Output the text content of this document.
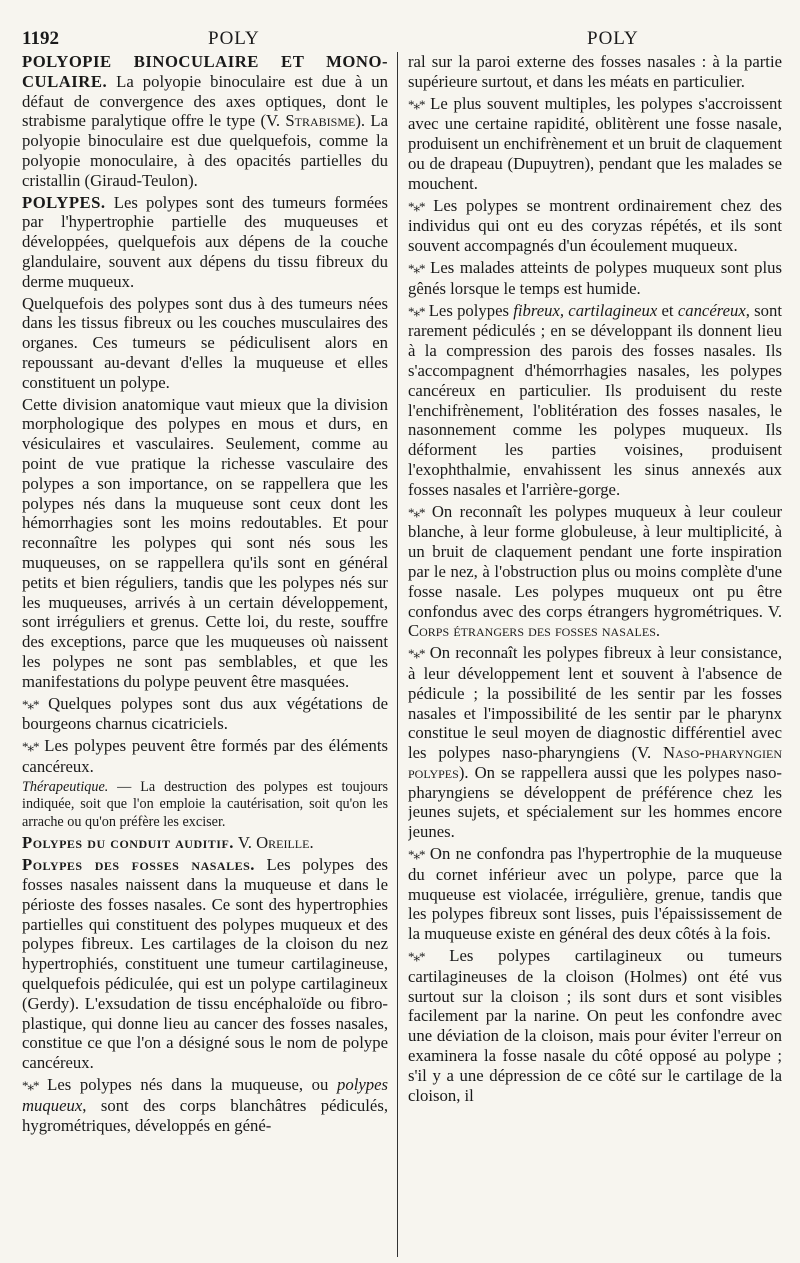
1192	POLY	POLY

POLYOPIE BINOCULAIRE ET MONO-CULAIRE. La polyopie binoculaire est due à un défaut de convergence des axes optiques, dont le strabisme paralytique offre le type (V. Strabisme). La polyopie binoculaire est due quelquefois, comme la polyopie monoculaire, à des opacités partielles du cristallin (Giraud-Teulon).

POLYPES. Les polypes sont des tumeurs formées par l'hypertrophie partielle des muqueuses et développées, quelquefois aux dépens de la couche glandulaire, souvent aux dépens du tissu fibreux du derme muqueux.

Quelquefois des polypes sont dus à des tumeurs nées dans les tissus fibreux ou les couches musculaires des organes. Ces tumeurs se pédiculisent alors en repoussant au-devant d'elles la muqueuse et elles constituent un polype.

Cette division anatomique vaut mieux que la division morphologique des polypes en mous et durs, en vésiculaires et vasculaires. Seulement, comme au point de vue pratique la richesse vasculaire des polypes a son importance, on se rappellera que les polypes nés dans la muqueuse sont ceux dont les hémorrhagies sont les moins redoutables. Et pour reconnaître les polypes qui sont nés sous les muqueuses, on se rappellera qu'ils sont en général petits et bien réguliers, tandis que les polypes nés sur les muqueuses, arrivés à un certain développement, sont irréguliers et grenus. Cette loi, du reste, souffre des exceptions, parce que les muqueuses où naissent les polypes ne sont pas semblables, et que les manifestations du polype peuvent être masquées.

*⁎* Quelques polypes sont dus aux végétations de bourgeons charnus cicatriciels.

*⁎* Les polypes peuvent être formés par des éléments cancéreux.

Thérapeutique. — La destruction des polypes est toujours indiquée, soit que l'on emploie la cautérisation, soit qu'on les arrache ou qu'on préfère les exciser.

Polypes du conduit auditif. V. Oreille.

Polypes des fosses nasales. Les polypes des fosses nasales naissent dans la muqueuse et dans le périoste des fosses nasales. Ce sont des hypertrophies partielles qui constituent des polypes muqueux et des polypes fibreux. Les cartilages de la cloison du nez hypertrophiés, constituent une tumeur cartilagineuse, quelquefois pédiculée, qui est un polype cartilagineux (Gerdy). L'exsudation de tissu encéphaloïde ou fibro-plastique, qui donne lieu au cancer des fosses nasales, constitue ce que l'on a désigné sous le nom de polype cancéreux.

*⁎* Les polypes nés dans la muqueuse, ou polypes muqueux, sont des corps blanchâtres pédiculés, hygrométriques, développés en géné-

ral sur la paroi externe des fosses nasales : à la partie supérieure surtout, et dans les méats en particulier.

*⁎* Le plus souvent multiples, les polypes s'accroissent avec une certaine rapidité, oblitèrent une fosse nasale, produisent un enchifrènement et un bruit de claquement ou de drapeau (Dupuytren), pendant que les malades se mouchent.

*⁎* Les polypes se montrent ordinairement chez des individus qui ont eu des coryzas répétés, et ils sont souvent accompagnés d'un écoulement muqueux.

*⁎* Les malades atteints de polypes muqueux sont plus gênés lorsque le temps est humide.

*⁎* Les polypes fibreux, cartilagineux et cancéreux, sont rarement pédiculés ; en se développant ils donnent lieu à la compression des parois des fosses nasales. Ils s'accompagnent d'hémorrhagies nasales, les polypes cancéreux en particulier. Ils produisent du reste l'enchifrènement, l'oblitération des fosses nasales, le nasonnement comme les polypes muqueux. Ils déforment les parties voisines, produisent l'exophthalmie, envahissent les sinus annexés aux fosses nasales et l'arrière-gorge.

*⁎* On reconnaît les polypes muqueux à leur couleur blanche, à leur forme globuleuse, à leur multiplicité, à un bruit de claquement pendant une forte inspiration par le nez, à l'obstruction plus ou moins complète d'une fosse nasale. Les polypes muqueux ont pu être confondus avec des corps étrangers hygrométriques. V. Corps étrangers des fosses nasales.

*⁎* On reconnaît les polypes fibreux à leur consistance, à leur développement lent et souvent à l'absence de pédicule ; la possibilité de les sentir par les fosses nasales et l'impossibilité de les sentir par le pharynx constitue le seul moyen de diagnostic différentiel avec les polypes naso-pharyngiens (V. Naso-pharyngien polypes). On se rappellera aussi que les polypes naso-pharyngiens se développent de préférence chez les jeunes sujets, et spécialement sur les hommes encore jeunes.

*⁎* On ne confondra pas l'hypertrophie de la muqueuse du cornet inférieur avec un polype, parce que la muqueuse est violacée, irrégulière, grenue, tandis que les polypes fibreux sont lisses, puis l'épaississement de la muqueuse existe en général des deux côtés à la fois.

*⁎* Les polypes cartilagineux ou tumeurs cartilagineuses de la cloison (Holmes) ont été vus surtout sur la cloison ; ils sont durs et sont visibles facilement par la narine. On peut les confondre avec une déviation de la cloison, mais pour éviter l'erreur on examinera la fosse nasale du côté opposé au polype ; s'il y a une dépression de ce côté sur le cartilage de la cloison, il
